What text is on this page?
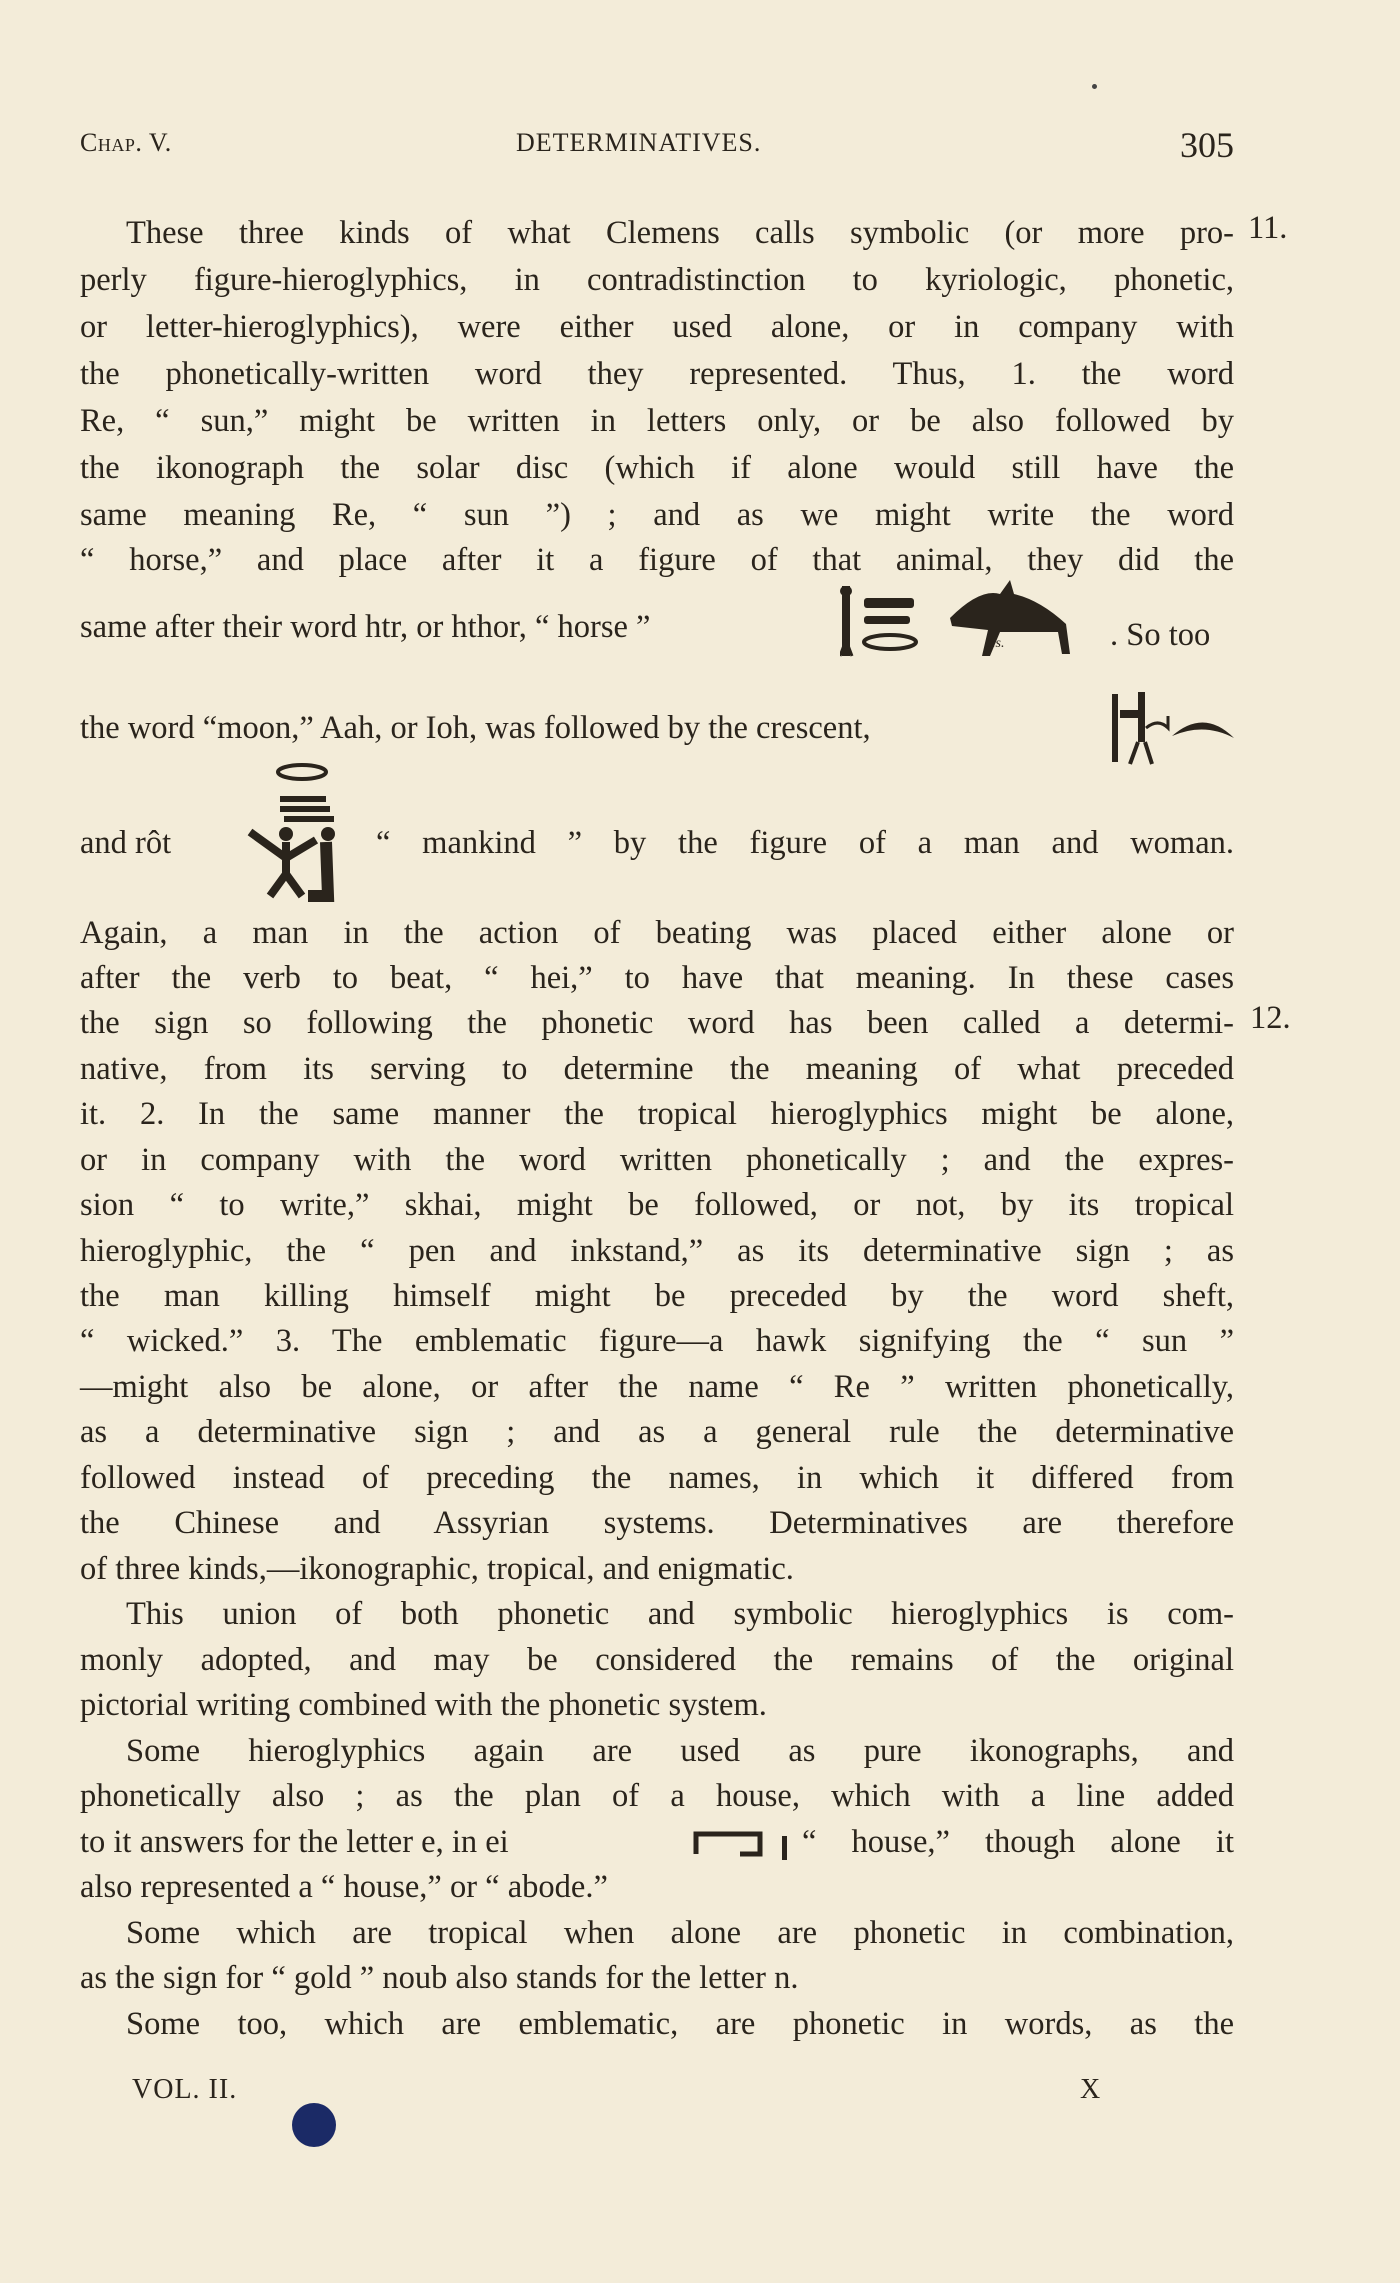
Chap. V.	DETERMINATIVES.	305
These three kinds of what Clemens calls symbolic (or more pro- 11.
perly figure-hieroglyphics, in contradistinction to kyriologic, phonetic,
or letter-hieroglyphics), were either used alone, or in company with
the phonetically-written word they represented. Thus, 1. the word
Re, “ sun,” might be written in letters only, or be also followed by
the ikonograph the solar disc (which if alone would still have the
same meaning Re, “ sun ”) ; and as we might write the word
“ horse,” and place after it a figure of that animal, they did the
same after their word htr, or hthor, “ horse ”	d.s.	. So too
the word “moon,” Aah, or Ioh, was followed by the crescent,
and rôt	“ mankind ” by the figure of a man and woman.
Again, a man in the action of beating was placed either alone or
after the verb to beat, “ hei,” to have that meaning. In these cases
the sign so following the phonetic word has been called a determi- 12.
native, from its serving to determine the meaning of what preceded
it. 2. In the same manner the tropical hieroglyphics might be alone,
or in company with the word written phonetically ; and the expres-
sion “ to write,” skhai, might be followed, or not, by its tropical
hieroglyphic, the “ pen and inkstand,” as its determinative sign ; as
the man killing himself might be preceded by the word sheft,
“ wicked.” 3. The emblematic figure—a hawk signifying the “ sun ”
—might also be alone, or after the name “ Re ” written phonetically,
as a determinative sign ; and as a general rule the determinative
followed instead of preceding the names, in which it differed from
the Chinese and Assyrian systems. Determinatives are therefore
of three kinds,—ikonographic, tropical, and enigmatic.
This union of both phonetic and symbolic hieroglyphics is com-
monly adopted, and may be considered the remains of the original
pictorial writing combined with the phonetic system.
Some hieroglyphics again are used as pure ikonographs, and
phonetically also ; as the plan of a house, which with a line added
to it answers for the letter e, in ei	“ house,” though alone it
also represented a “ house,” or “ abode.”
Some which are tropical when alone are phonetic in combination,
as the sign for “ gold ” noub also stands for the letter n.
Some too, which are emblematic, are phonetic in words, as the
VOL. II.	X
